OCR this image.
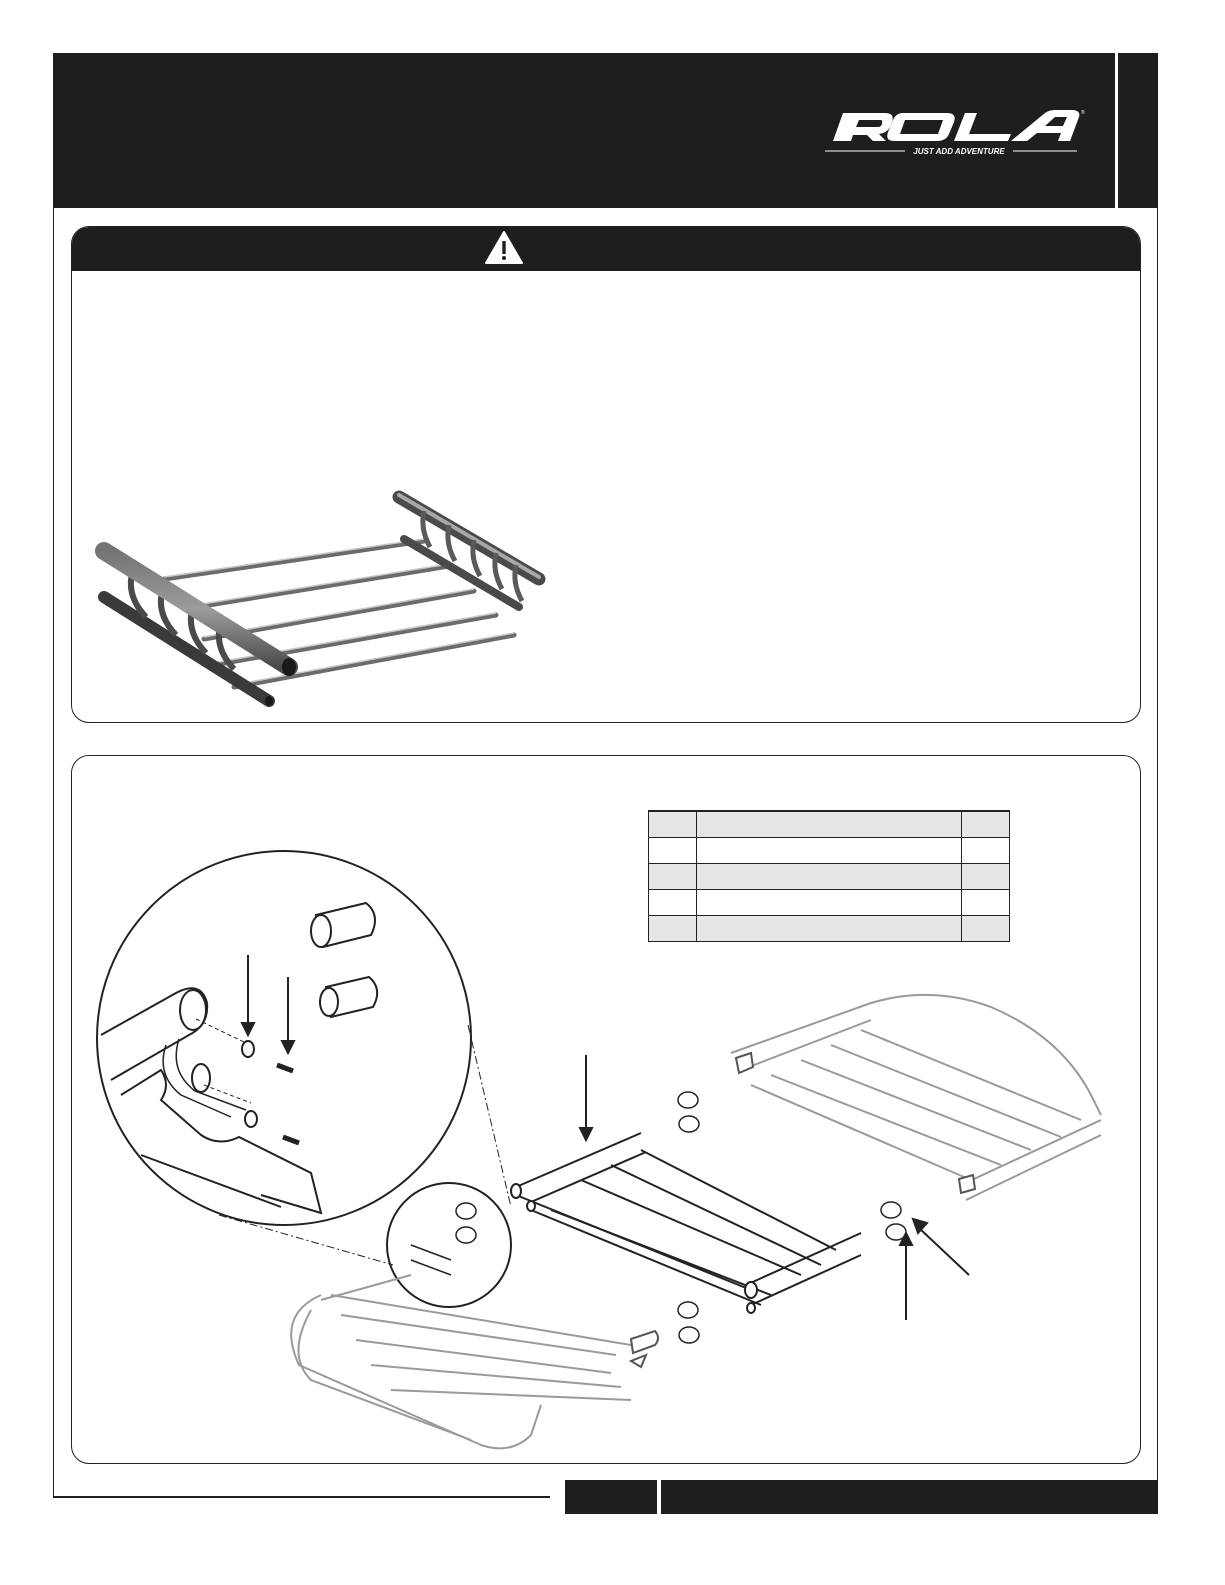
®
JUST ADD ADVENTURE
